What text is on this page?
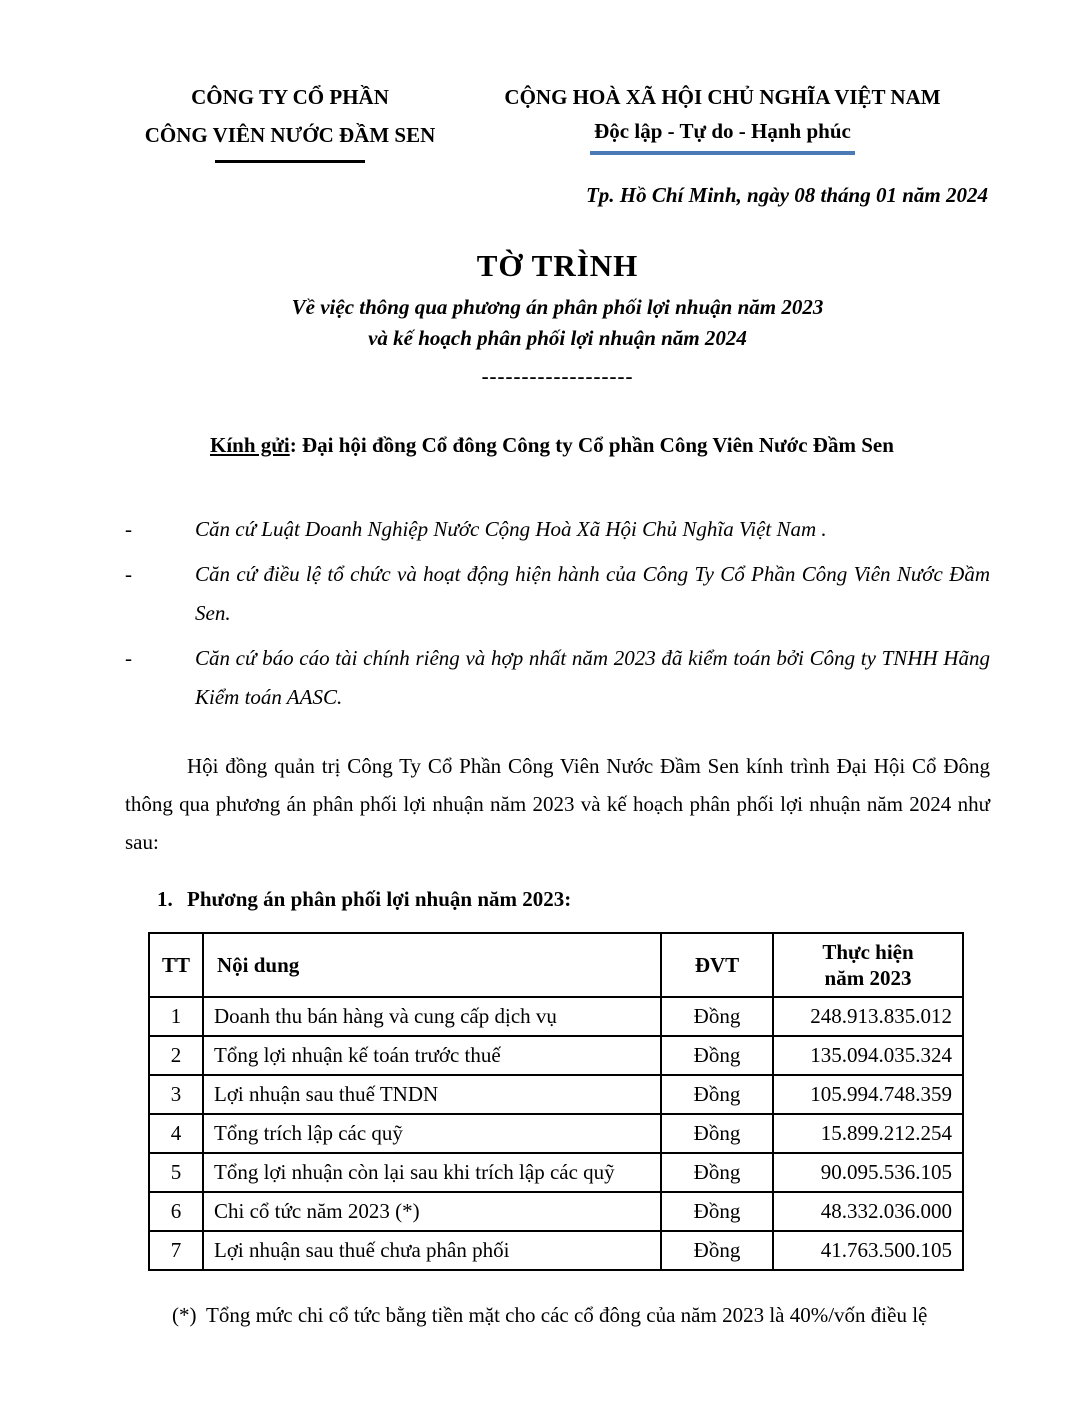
CÔNG TY CỔ PHẦN
CÔNG VIÊN NƯỚC ĐẦM SEN
CỘNG HOÀ XÃ HỘI CHỦ NGHĨA VIỆT NAM
Độc lập - Tự do - Hạnh phúc
Tp. Hồ Chí Minh, ngày 08 tháng 01 năm 2024
TỜ TRÌNH
Về việc thông qua phương án phân phối lợi nhuận năm 2023
và kế hoạch phân phối lợi nhuận năm 2024
-------------------
Kính gửi: Đại hội đồng Cổ đông Công ty Cổ phần Công Viên Nước Đầm Sen
-	Căn cứ Luật Doanh Nghiệp Nước Cộng Hoà Xã Hội Chủ Nghĩa Việt Nam .
-	Căn cứ điều lệ tổ chức và hoạt động hiện hành của Công Ty Cổ Phần Công Viên Nước Đầm Sen.
-	Căn cứ báo cáo tài chính riêng và hợp nhất năm 2023 đã kiểm toán bởi Công ty TNHH Hãng Kiểm toán AASC.
Hội đồng quản trị Công Ty Cổ Phần Công Viên Nước Đầm Sen kính trình Đại Hội Cổ Đông thông qua phương án phân phối lợi nhuận năm 2023 và kế hoạch phân phối lợi nhuận năm 2024 như sau:
1. Phương án phân phối lợi nhuận năm 2023:
TT	Nội dung	ĐVT	Thực hiện
năm 2023

1	Doanh thu bán hàng và cung cấp dịch vụ	Đồng	248.913.835.012
2	Tổng lợi nhuận kế toán trước thuế	Đồng	135.094.035.324
3	Lợi nhuận sau thuế TNDN	Đồng	105.994.748.359
4	Tổng trích lập các quỹ	Đồng	15.899.212.254
5	Tổng lợi nhuận còn lại sau khi trích lập các quỹ	Đồng	90.095.536.105
6	Chi cổ tức năm 2023 (*)	Đồng	48.332.036.000
7	Lợi nhuận sau thuế chưa phân phối	Đồng	41.763.500.105
(*) Tổng mức chi cổ tức bằng tiền mặt cho các cổ đông của năm 2023 là 40%/vốn điều lệ
